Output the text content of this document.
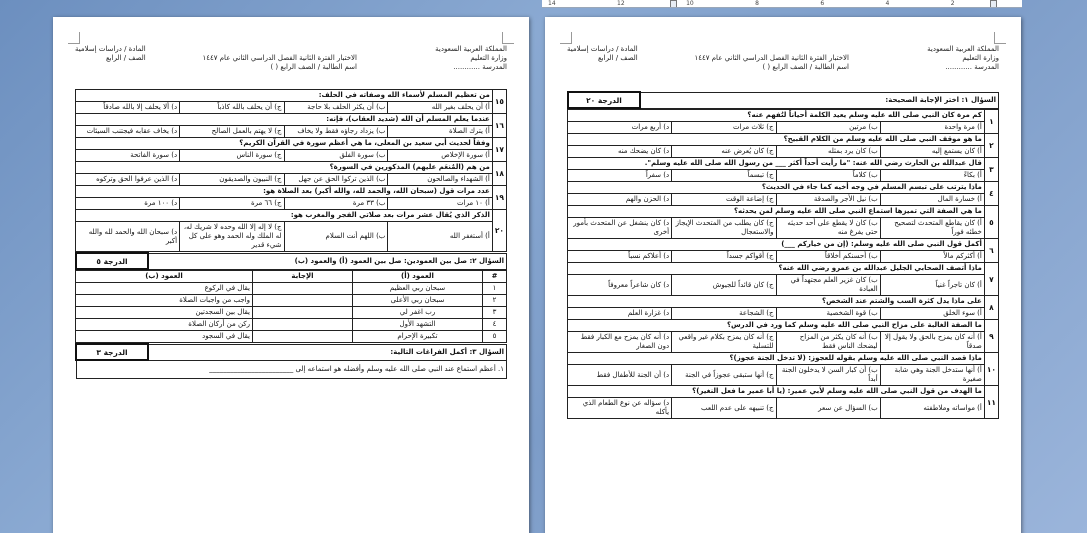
14	12	10	8	6	4	2
المملكة العربية السعودية
وزارة التعليم
المدرسة ............

الاختبار الفترة الثانية الفصل الدراسي الثاني عام ١٤٤٧
اسم الطالبة / الصف الرابع ( )
المادة / دراسات إسلامية
الصف / الرابع
١٥	من تعظيم المسلم لأسماء الله وصفاته في الحلف:			
	أ) أن يحلف بغير الله	ب) أن يكثر الحلف بلا حاجة	ج) أن يحلف بالله كاذباً	د) ألا يحلف إلا بالله صادقاً
١٦	عندما يعلم المسلم أن الله (شديد العقاب)، فإنه:			
	أ) يترك الصلاة	ب) يزداد رجاؤه فقط ولا يخاف	ج) لا يهتم بالعمل الصالح	د) يخاف عقابه فيجتنب السيئات
١٧	وفقاً لحديث أبي سعيد بن المعلى، ما هي أعظم سورة في القرآن الكريم؟			
	أ) سورة الإخلاص	ب) سورة الفلق	ج) سورة الناس	د) سورة الفاتحة
١٨	من هم (المُنعَم عليهم) المذكورين في السورة؟			
	أ) الشهداء والصالحون	ب) الذين تركوا الحق عن جهل	ج) النبيون والصديقون	د) الذين عرفوا الحق وتركوه
١٩	عدد مرات قول (سبحان الله، والحمد لله، والله أكبر) بعد الصلاة هو:			
	أ) ١٠ مرات	ب) ٣٣ مرة	ج) ٦٦ مرة	د) ١٠٠ مرة
٢٠	الذكر الذي يُقال عشر مرات بعد صلاتي الفجر والمغرب هو:			
	أ) أستغفر الله	ب) اللهم أنت السلام	ج) لا إله إلا الله وحده لا شريك له، له الملك وله الحمد وهو على كل شيء قدير	د) سبحان الله والحمد لله والله أكبر
السؤال ٢: صل بين العمودين: صل بين العمود (أ) والعمود (ب)	الدرجة ٥
#	العمود (أ)	الإجابة	العمود (ب)
١	سبحان ربي العظيم		يقال في الركوع
٢	سبحان ربي الأعلى		واجب من واجبات الصلاة
٣	رب اغفر لي		يقال بين السجدتين
٤	التشهد الأول		ركن من أركان الصلاة
٥	تكبيرة الإحرام		يقال في السجود
السؤال ٣: أكمل الفراغات التالية:	الدرجة ٣
١. أعظم استماع عند النبي صلى الله عليه وسلم وأفضله هو استماعه إلى ________________________
المملكة العربية السعودية
وزارة التعليم
المدرسة ............

الاختبار الفترة الثانية الفصل الدراسي الثاني عام ١٤٤٧
اسم الطالبة / الصف الرابع ( )
المادة / دراسات إسلامية
الصف / الرابع
السؤال ١: اختر الإجابة الصحيحة:	الدرجة ٢٠
١	كم مرة كان النبي صلى الله عليه وسلم يعيد الكلمة أحياناً لتُفهم عنه؟			
	أ) مرة واحدة	ب) مرتين	ج) ثلاث مرات	د) أربع مرات
٢	ما هو موقف النبي صلى الله عليه وسلم من الكلام القبيح؟			
	أ) كان يستمع إليه	ب) كان يرد بمثله	ج) كان يُعرض عنه	د) كان يضحك منه
٣	قال عبدالله بن الحارث رضي الله عنه: "ما رأيت أحداً أكثر ___ من رسول الله صلى الله عليه وسلم".			
	أ) بكاءً	ب) كلاماً	ج) تبسماً	د) سفراً
٤	ماذا يترتب على تبسم المسلم في وجه أخيه كما جاء في الحديث؟			
	أ) خسارة المال	ب) نيل الأجر والصدقة	ج) إضاعة الوقت	د) الحزن والهم
٥	ما هي الصفة التي تميزها استماع النبي صلى الله عليه وسلم لمن يحدثه؟			
	أ) كان يقاطع المتحدث لتصحيح خطئه فوراً	ب) كان لا يقطع على أحد حديثه حتى يفرغ منه	ج) كان يطلب من المتحدث الإيجاز والاستعجال	د) كان ينشغل عن المتحدث بأمور أخرى
٦	أكمل قول النبي صلى الله عليه وسلم: (إن من خياركم ___)			
	أ) أكثركم مالاً	ب) أحسنكم أخلاقاً	ج) أقواكم جسداً	د) أعلاكم نسباً
٧	ماذا أتصف الصحابي الجليل عبدالله بن عمرو رضي الله عنه؟			
	أ) كان تاجراً غنياً	ب) كان غزير العلم مجتهداً في العبادة	ج) كان قائداً للجيوش	د) كان شاعراً معروفاً
٨	على ماذا يدل كثرة السب والشتم عند الشخص؟			
	أ) سوء الخلق	ب) قوة الشخصية	ج) الشجاعة	د) غزارة العلم
٩	ما الصفة الغالبة على مزاح النبي صلى الله عليه وسلم كما ورد في الدرس؟			
	أ) أنه كان يمزح بالحق ولا يقول إلا صدقاً	ب) أنه كان يكثر من المزاح ليضحك الناس فقط	ج) أنه كان يمزح بكلام غير واقعي للتسلية	د) أنه كان يمزح مع الكبار فقط دون الصغار
١٠	ماذا قصد النبي صلى الله عليه وسلم بقوله للعجوز: (لا تدخل الجنة عجوز)؟			
	أ) أنها ستدخل الجنة وهي شابة صغيرة	ب) أن كبار السن لا يدخلون الجنة أبداً	ج) أنها ستبقى عجوزاً في الجنة	د) أن الجنة للأطفال فقط
١١	ما الهدف من قول النبي صلى الله عليه وسلم لأبي عمير: (يا أبا عمير ما فعل النغير)؟			
	أ) مواساته وملاطفته	ب) السؤال عن سعر	ج) تنبيهه على عدم اللعب	د) سؤاله عن نوع الطعام الذي يأكله
